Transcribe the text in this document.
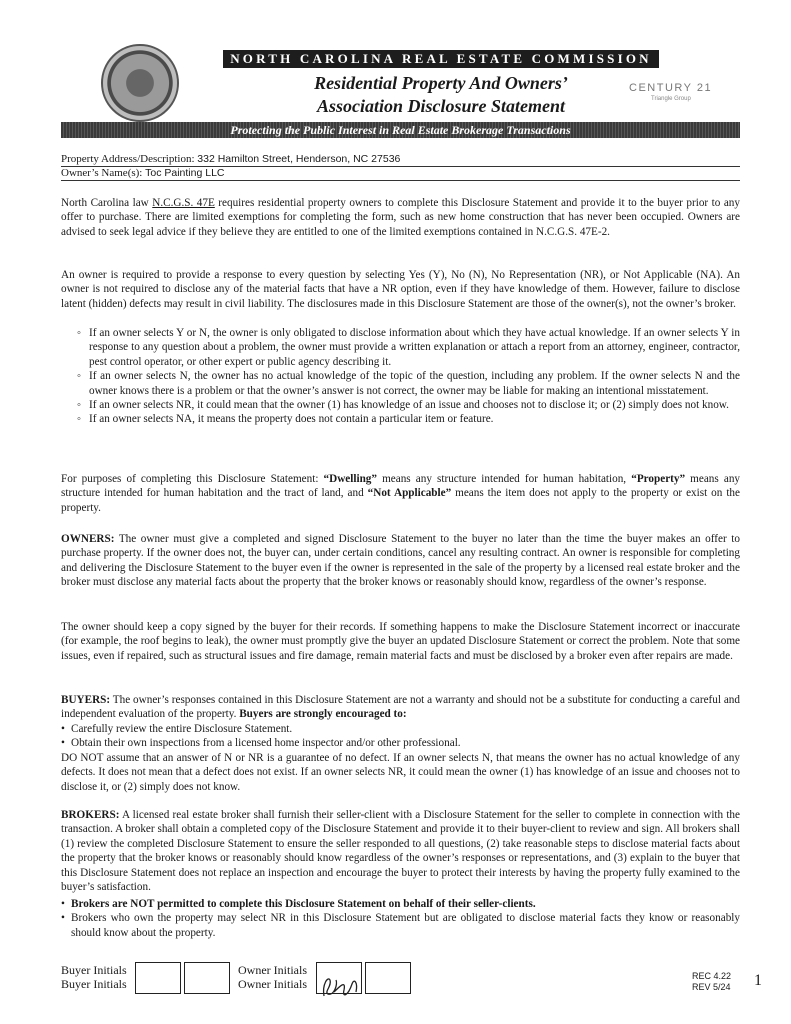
NORTH CAROLINA REAL ESTATE COMMISSION
Residential Property And Owners’
Association Disclosure Statement
CENTURY 21
Triangle Group
Protecting the Public Interest in Real Estate Brokerage Transactions
Property Address/Description: 332 Hamilton Street, Henderson, NC 27536
Owner’s Name(s): Toc Painting LLC

North Carolina law N.C.G.S. 47E requires residential property owners to complete this Disclosure Statement and provide it to the buyer prior to any offer to purchase. There are limited exemptions for completing the form, such as new home construction that has never been occupied. Owners are advised to seek legal advice if they believe they are entitled to one of the limited exemptions contained in N.C.G.S. 47E-2.

An owner is required to provide a response to every question by selecting Yes (Y), No (N), No Representation (NR), or Not Applicable (NA). An owner is not required to disclose any of the material facts that have a NR option, even if they have knowledge of them. However, failure to disclose latent (hidden) defects may result in civil liability. The disclosures made in this Disclosure Statement are those of the owner(s), not the owner’s broker.

◦ If an owner selects Y or N, the owner is only obligated to disclose information about which they have actual knowledge. If an owner selects Y in response to any question about a problem, the owner must provide a written explanation or attach a report from an attorney, engineer, contractor, pest control operator, or other expert or public agency describing it.
◦ If an owner selects N, the owner has no actual knowledge of the topic of the question, including any problem. If the owner selects N and the owner knows there is a problem or that the owner’s answer is not correct, the owner may be liable for making an intentional misstatement.
◦ If an owner selects NR, it could mean that the owner (1) has knowledge of an issue and chooses not to disclose it; or (2) simply does not know.
◦ If an owner selects NA, it means the property does not contain a particular item or feature.

For purposes of completing this Disclosure Statement: “Dwelling” means any structure intended for human habitation, “Property” means any structure intended for human habitation and the tract of land, and “Not Applicable” means the item does not apply to the property or exist on the property.

OWNERS: The owner must give a completed and signed Disclosure Statement to the buyer no later than the time the buyer makes an offer to purchase property. If the owner does not, the buyer can, under certain conditions, cancel any resulting contract. An owner is responsible for completing and delivering the Disclosure Statement to the buyer even if the owner is represented in the sale of the property by a licensed real estate broker and the broker must disclose any material facts about the property that the broker knows or reasonably should know, regardless of the owner’s response.

The owner should keep a copy signed by the buyer for their records. If something happens to make the Disclosure Statement incorrect or inaccurate (for example, the roof begins to leak), the owner must promptly give the buyer an updated Disclosure Statement or correct the problem. Note that some issues, even if repaired, such as structural issues and fire damage, remain material facts and must be disclosed by a broker even after repairs are made.

BUYERS: The owner’s responses contained in this Disclosure Statement are not a warranty and should not be a substitute for conducting a careful and independent evaluation of the property. Buyers are strongly encouraged to:

• Carefully review the entire Disclosure Statement.
• Obtain their own inspections from a licensed home inspector and/or other professional.

DO NOT assume that an answer of N or NR is a guarantee of no defect. If an owner selects N, that means the owner has no actual knowledge of any defects. It does not mean that a defect does not exist. If an owner selects NR, it could mean the owner (1) has knowledge of an issue and chooses not to disclose it, or (2) simply does not know.

BROKERS: A licensed real estate broker shall furnish their seller-client with a Disclosure Statement for the seller to complete in connection with the transaction. A broker shall obtain a completed copy of the Disclosure Statement and provide it to their buyer-client to review and sign. All brokers shall (1) review the completed Disclosure Statement to ensure the seller responded to all questions, (2) take reasonable steps to disclose material facts about the property that the broker knows or reasonably should know regardless of the owner’s responses or representations, and (3) explain to the buyer that this Disclosure Statement does not replace an inspection and encourage the buyer to protect their interests by having the property fully examined to the buyer’s satisfaction.

• Brokers are NOT permitted to complete this Disclosure Statement on behalf of their seller-clients.
• Brokers who own the property may select NR in this Disclosure Statement but are obligated to disclose material facts they know or reasonably should know about the property.
Buyer Initials
Buyer Initials
Owner Initials
Owner Initials
REC 4.22
REV 5/24 1
